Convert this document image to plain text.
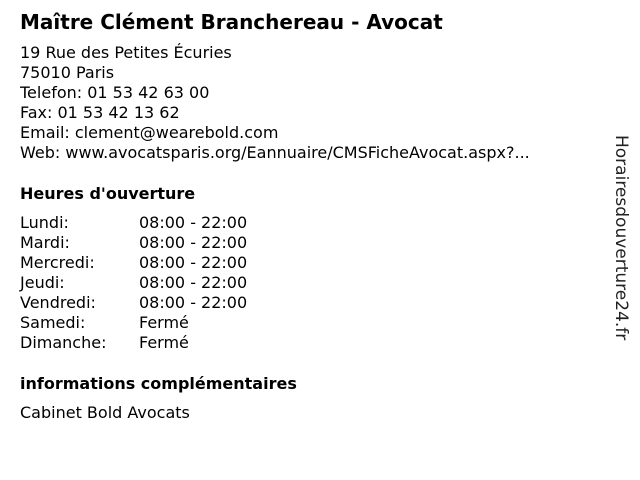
Maître Clément Branchereau - Avocat
19 Rue des Petites Écuries
75010 Paris
Telefon: 01 53 42 63 00
Fax: 01 53 42 13 62
Email: clement@wearebold.com
Web: www.avocatsparis.org/Eannuaire/CMSFicheAvocat.aspx?...
Heures d'ouverture
Lundi:	08:00 - 22:00
Mardi:	08:00 - 22:00
Mercredi:	08:00 - 22:00
Jeudi:	08:00 - 22:00
Vendredi:	08:00 - 22:00
Samedi:	Fermé
Dimanche: Fermé
informations complémentaires
Cabinet Bold Avocats
Horairesdouverture24.fr
